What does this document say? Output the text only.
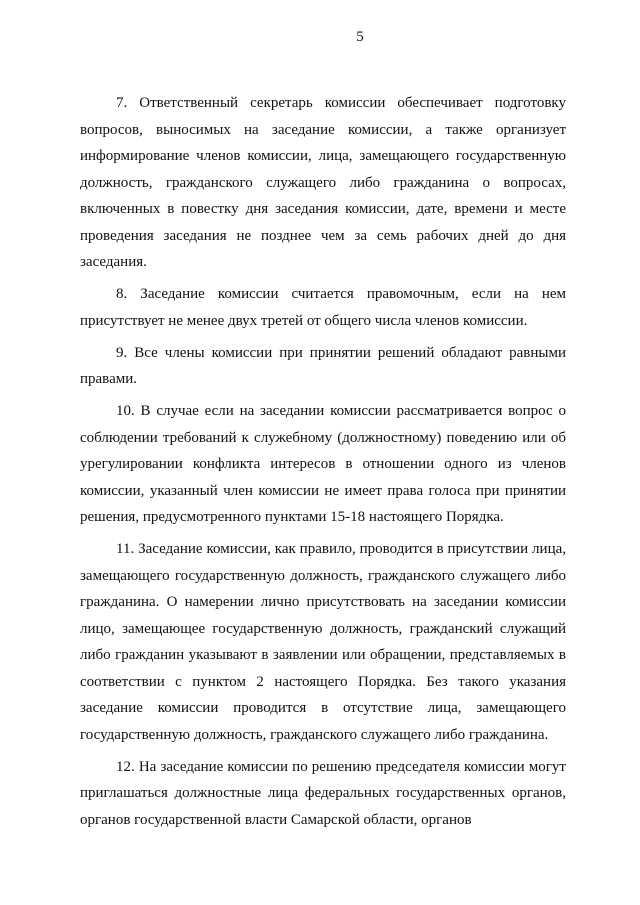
5

7. Ответственный секретарь комиссии обеспечивает подготовку вопросов, выносимых на заседание комиссии, а также организует информирование членов комиссии, лица, замещающего государственную должность, гражданского служащего либо гражданина о вопросах, включенных в повестку дня заседания комиссии, дате, времени и месте проведения заседания не позднее чем за семь рабочих дней до дня заседания.

8. Заседание комиссии считается правомочным, если на нем присутствует не менее двух третей от общего числа членов комиссии.

9. Все члены комиссии при принятии решений обладают равными правами.

10. В случае если на заседании комиссии рассматривается вопрос о соблюдении требований к служебному (должностному) поведению или об урегулировании конфликта интересов в отношении одного из членов комиссии, указанный член комиссии не имеет права голоса при принятии решения, предусмотренного пунктами 15-18 настоящего Порядка.

11. Заседание комиссии, как правило, проводится в присутствии лица, замещающего государственную должность, гражданского служащего либо гражданина. О намерении лично присутствовать на заседании комиссии лицо, замещающее государственную должность, гражданский служащий либо гражданин указывают в заявлении или обращении, представляемых в соответствии с пунктом 2 настоящего Порядка. Без такого указания заседание комиссии проводится в отсутствие лица, замещающего государственную должность, гражданского служащего либо гражданина.

12. На заседание комиссии по решению председателя комиссии могут приглашаться должностные лица федеральных государственных органов, органов государственной власти Самарской области, органов
